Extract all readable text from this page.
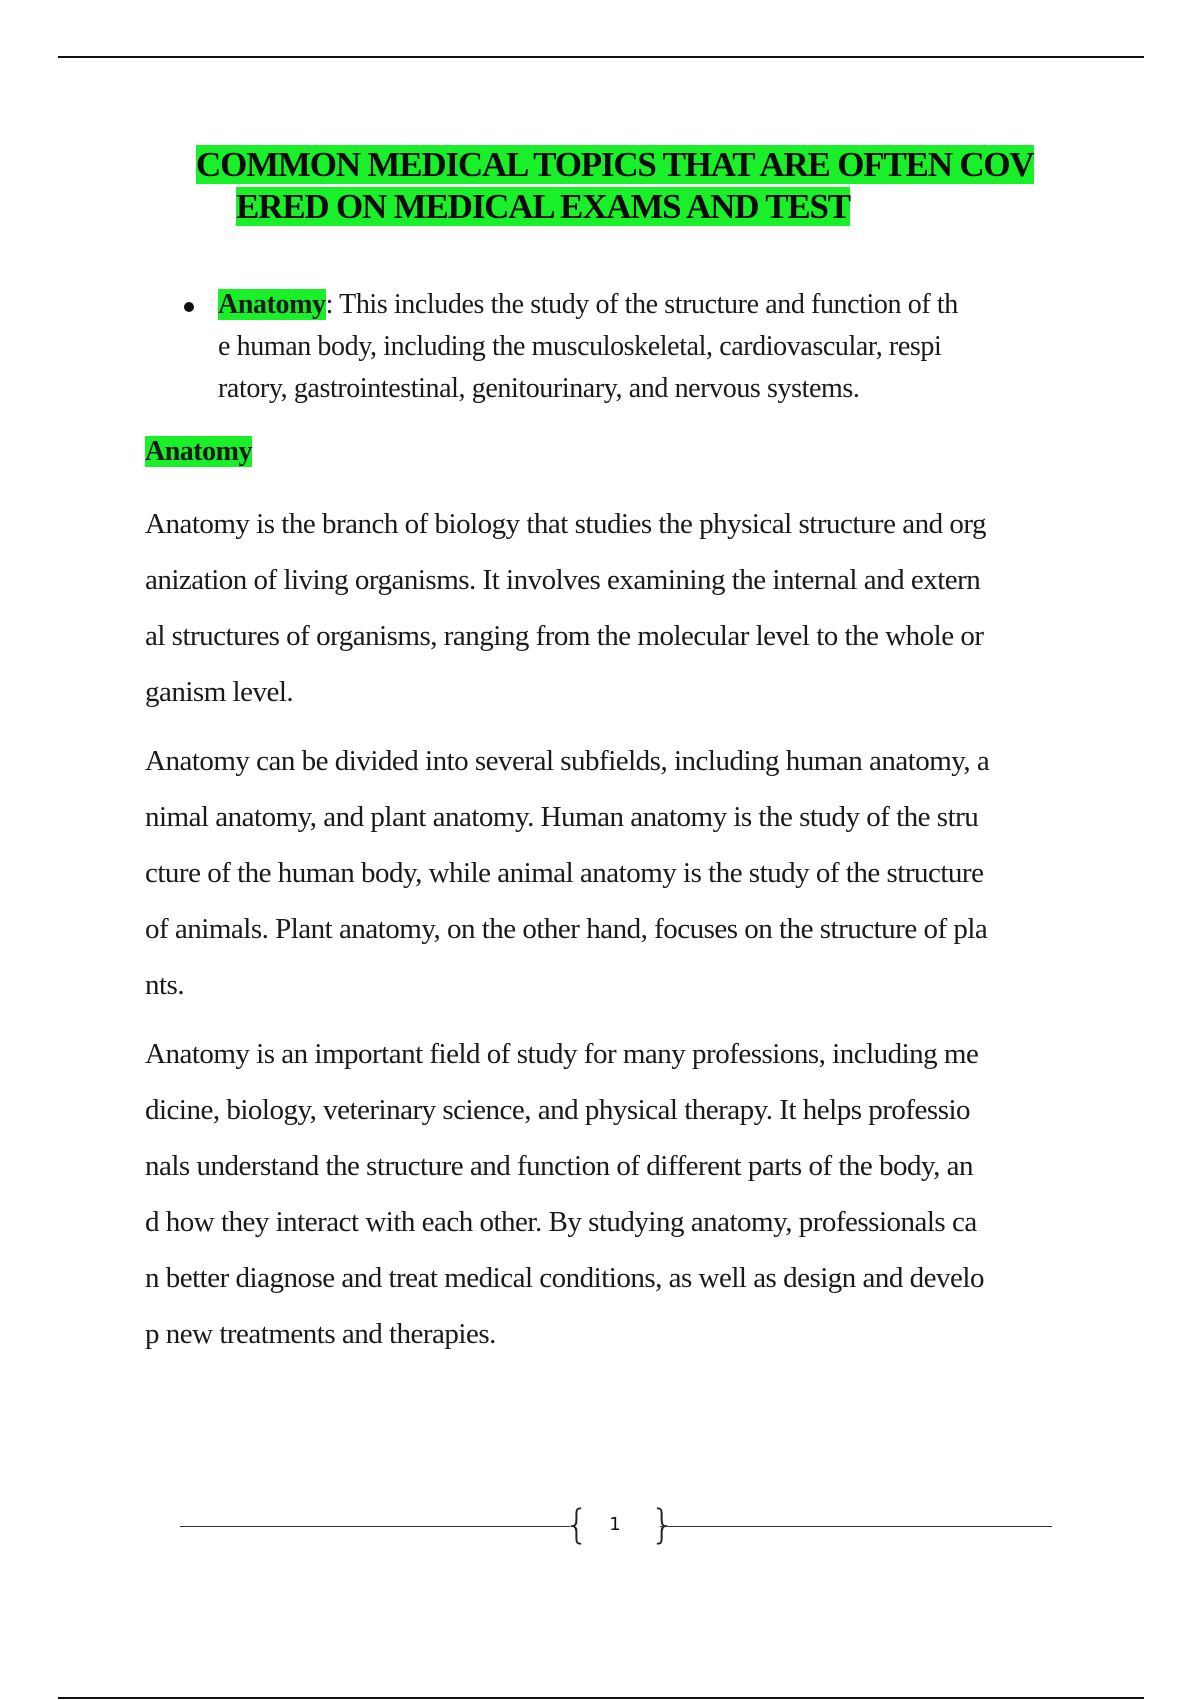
COMMON MEDICAL TOPICS THAT ARE OFTEN COV
ERED ON MEDICAL EXAMS AND TEST
Anatomy: This includes the study of the structure and function of th
e human body, including the musculoskeletal, cardiovascular, respi
ratory, gastrointestinal, genitourinary, and nervous systems.
Anatomy
Anatomy is the branch of biology that studies the physical structure and org
anization of living organisms. It involves examining the internal and extern
al structures of organisms, ranging from the molecular level to the whole or
ganism level.
Anatomy can be divided into several subfields, including human anatomy, a
nimal anatomy, and plant anatomy. Human anatomy is the study of the stru
cture of the human body, while animal anatomy is the study of the structure
of animals. Plant anatomy, on the other hand, focuses on the structure of pla
nts.
Anatomy is an important field of study for many professions, including me
dicine, biology, veterinary science, and physical therapy. It helps professio
nals understand the structure and function of different parts of the body, an
d how they interact with each other. By studying anatomy, professionals ca
n better diagnose and treat medical conditions, as well as design and develo
p new treatments and therapies.
{	1 }
